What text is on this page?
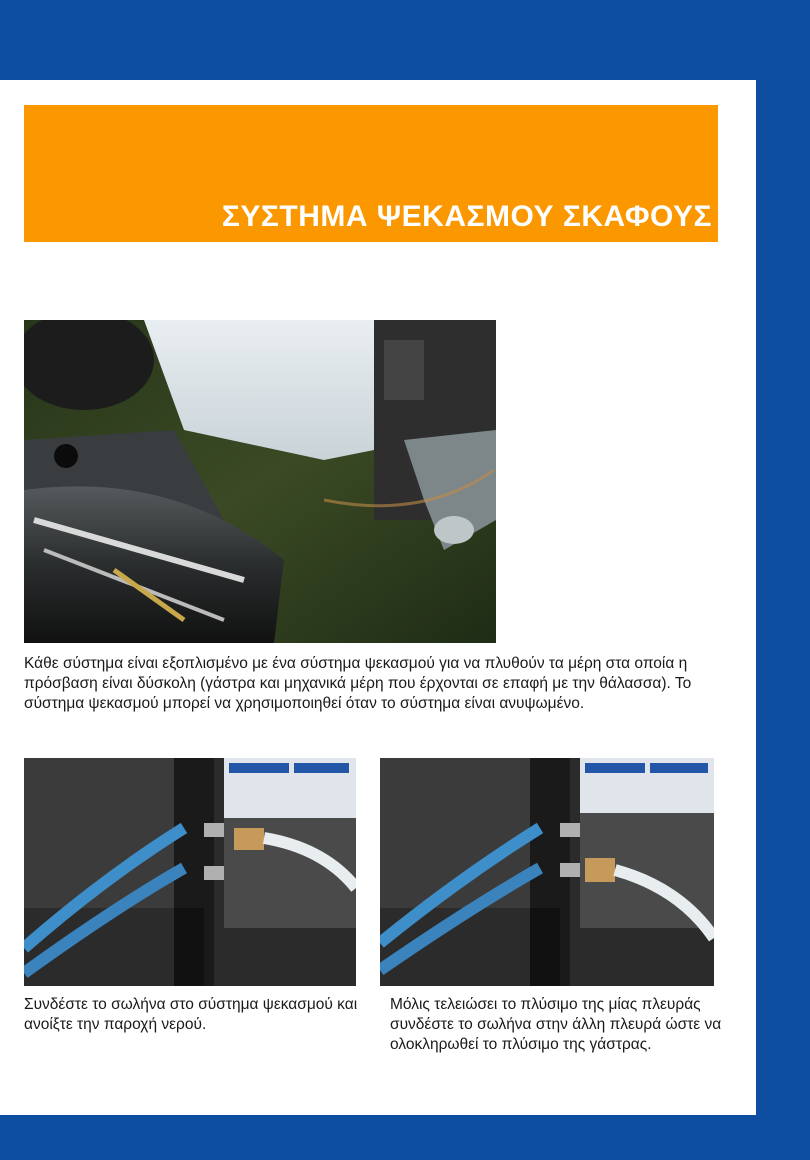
ΣΥΣΤΗΜΑ ΨΕΚΑΣΜΟΥ ΣΚΑΦΟΥΣ
Κάθε σύστημα είναι εξοπλισμένο με ένα σύστημα ψεκασμού για να πλυθούν τα μέρη στα οποία η πρόσβαση είναι δύσκολη (γάστρα και μηχανικά μέρη που έρχονται σε επαφή με την θάλασσα). Το σύστημα ψεκασμού μπορεί να χρησιμοποιηθεί όταν το σύστημα είναι ανυψωμένο.
Συνδέστε το σωλήνα στο σύστημα ψεκασμού και ανοίξτε την παροχή νερού.
Μόλις τελειώσει το πλύσιμο της μίας πλευράς συνδέστε το σωλήνα στην άλλη πλευρά ώστε να ολοκληρωθεί το πλύσιμο της γάστρας.
